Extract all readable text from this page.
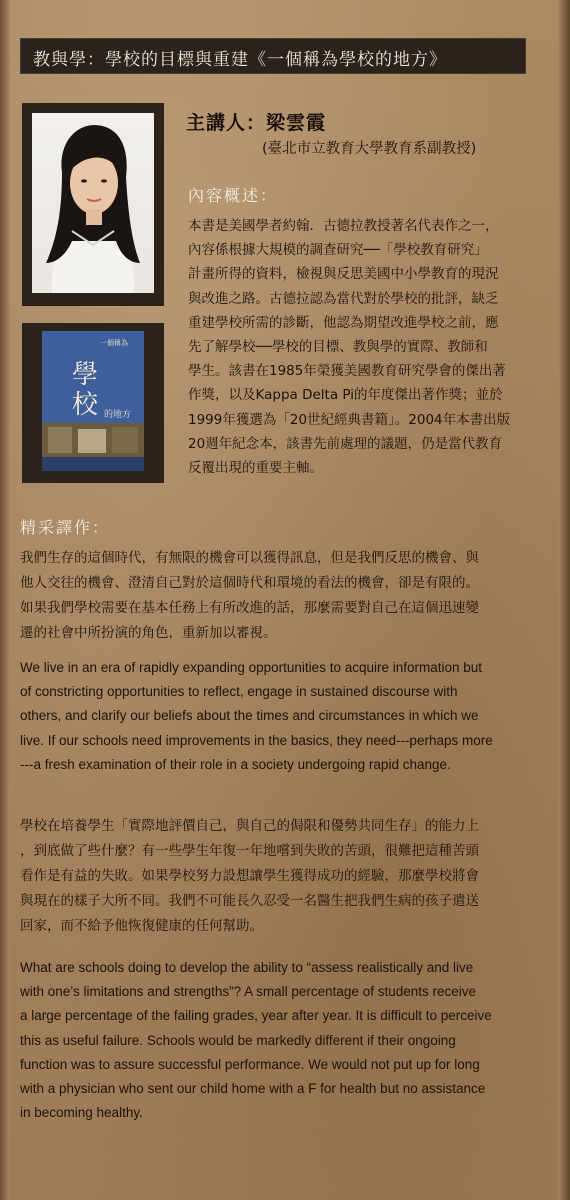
教與學：學校的目標與重建《一個稱為學校的地方》
一個稱為
學
校 的地方
主講人：梁雲霞
(臺北市立教育大學教育系副教授)
內容概述：
本書是美國學者約翰．古德拉教授著名代表作之一，
內容係根據大規模的調查研究──「學校教育研究」
計畫所得的資料，檢視與反思美國中小學教育的現況
與改進之路。古德拉認為當代對於學校的批評，缺乏
重建學校所需的診斷，他認為期望改進學校之前，應
先了解學校──學校的目標、教與學的實際、教師和
學生。該書在1985年榮獲美國教育研究學會的傑出著
作獎，以及Kappa Delta Pi的年度傑出著作獎；並於
1999年獲選為「20世紀經典書籍」。2004年本書出版
20週年紀念本，該書先前處理的議題，仍是當代教育
反覆出現的重要主軸。
精采譯作：
我們生存的這個時代，有無限的機會可以獲得訊息，但是我們反思的機會、與
他人交往的機會、澄清自己對於這個時代和環境的看法的機會，卻是有限的。
如果我們學校需要在基本任務上有所改進的話，那麼需要對自己在這個迅速變
遷的社會中所扮演的角色，重新加以審視。
We live in an era of rapidly expanding opportunities to acquire information but
of constricting opportunities to reflect, engage in sustained discourse with
others, and clarify our beliefs about the times and circumstances in which we
live. If our schools need improvements in the basics, they need---perhaps more
---a fresh examination of their role in a society undergoing rapid change.
學校在培養學生「實際地評價自己，與自己的侷限和優勢共同生存」的能力上
，到底做了些什麼？有一些學生年復一年地嚐到失敗的苦頭，很難把這種苦頭
看作是有益的失敗。如果學校努力設想讓學生獲得成功的經驗，那麼學校將會
與現在的樣子大所不同。我們不可能長久忍受一名醫生把我們生病的孩子遣送
回家，而不給予他恢復健康的任何幫助。
What are schools doing to develop the ability to “assess realistically and live
with one’s limitations and strengths”? A small percentage of students receive
a large percentage of the failing grades, year after year. It is difficult to perceive
this as useful failure. Schools would be markedly different if their ongoing
function was to assure successful performance. We would not put up for long
with a physician who sent our child home with a F for health but no assistance
in becoming healthy.
